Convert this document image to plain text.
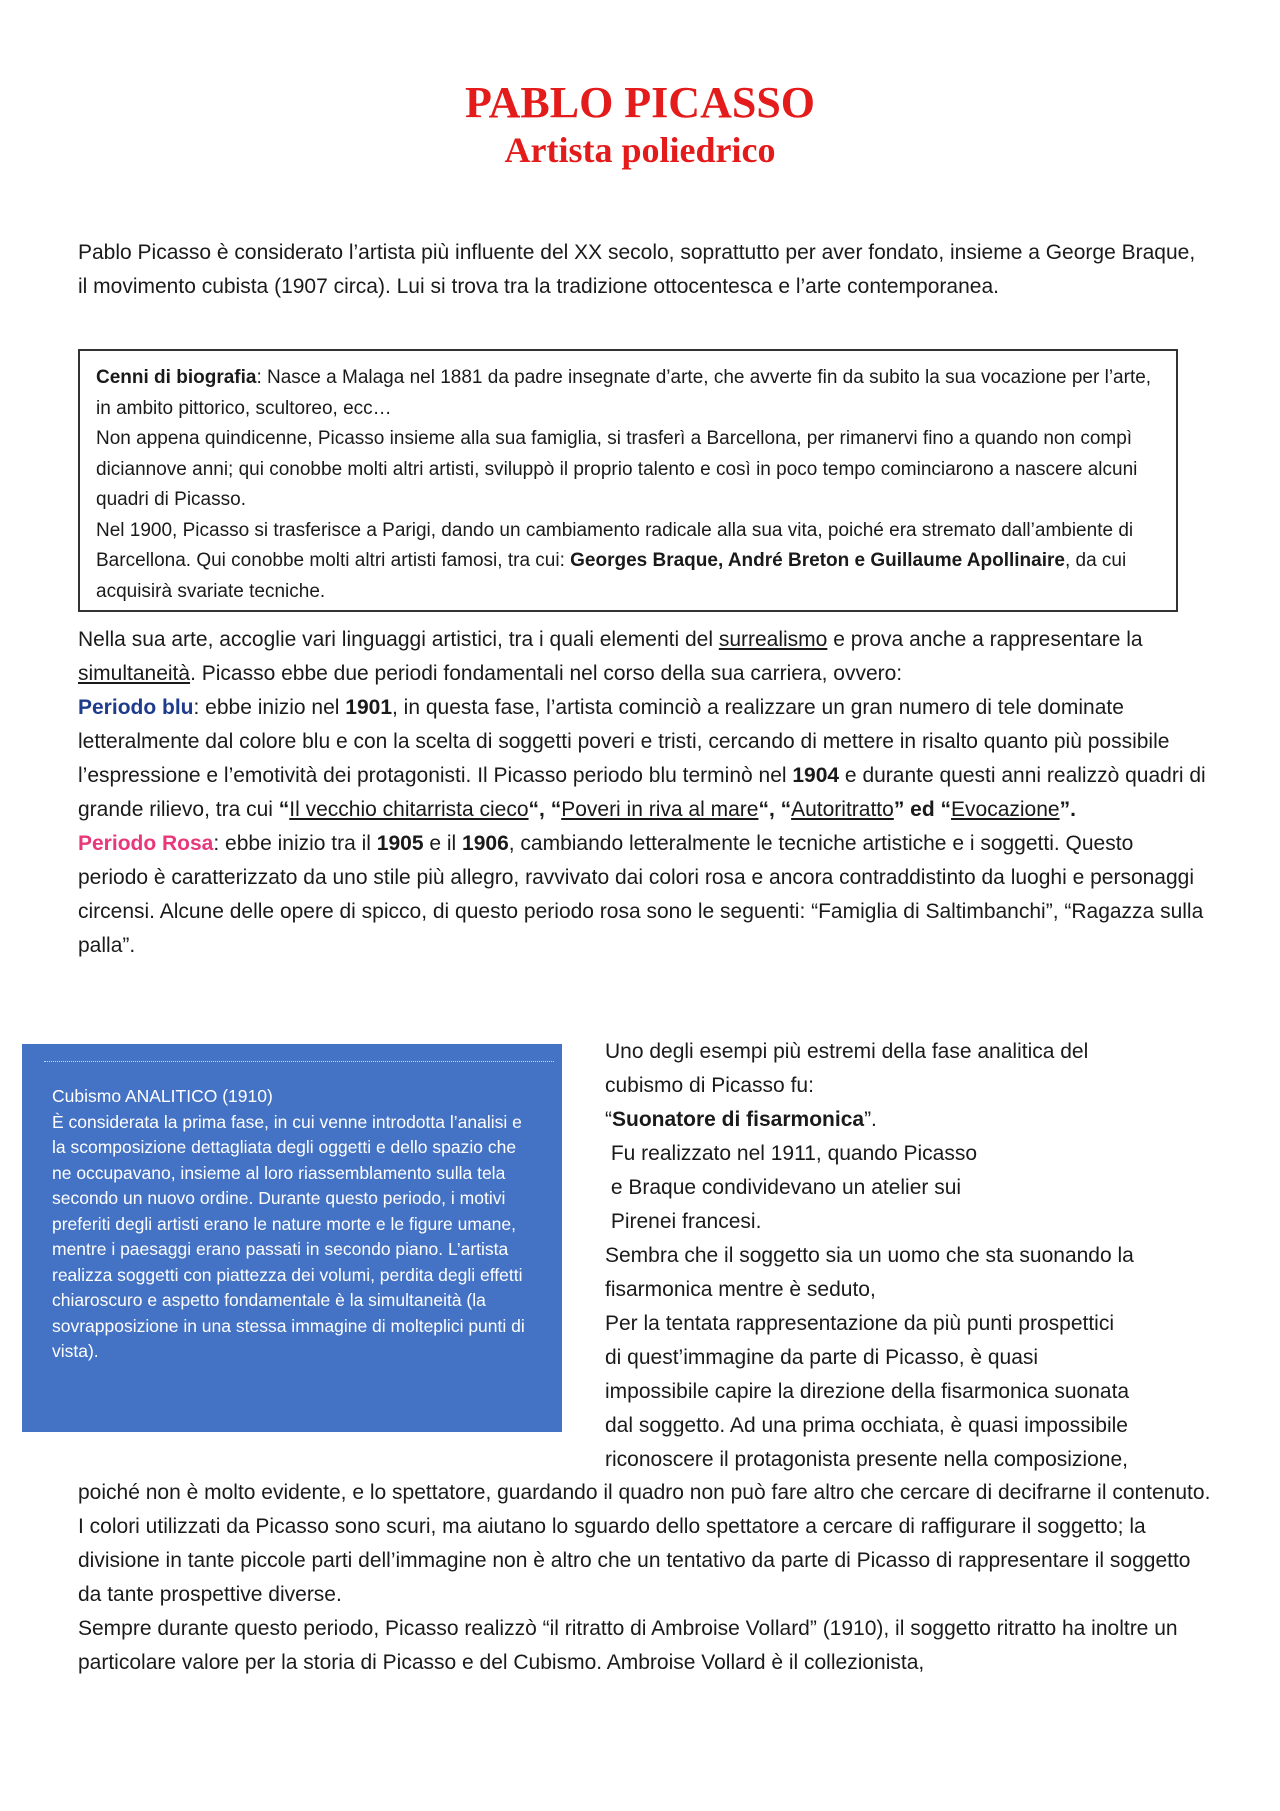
PABLO PICASSO
Artista poliedrico
Pablo Picasso è considerato l’artista più influente del XX secolo, soprattutto per aver fondato, insieme a George Braque, il movimento cubista (1907 circa). Lui si trova tra la tradizione ottocentesca e l’arte contemporanea.
Cenni di biografia: Nasce a Malaga nel 1881 da padre insegnate d’arte, che avverte fin da subito la sua vocazione per l’arte, in ambito pittorico, scultoreo, ecc…
Non appena quindicenne, Picasso insieme alla sua famiglia, si trasferì a Barcellona, per rimanervi fino a quando non compì diciannove anni; qui conobbe molti altri artisti, sviluppò il proprio talento e così in poco tempo cominciarono a nascere alcuni quadri di Picasso.
Nel 1900, Picasso si trasferisce a Parigi, dando un cambiamento radicale alla sua vita, poiché era stremato dall’ambiente di Barcellona. Qui conobbe molti altri artisti famosi, tra cui: Georges Braque, André Breton e Guillaume Apollinaire, da cui acquisirà svariate tecniche.
Nella sua arte, accoglie vari linguaggi artistici, tra i quali elementi del surrealismo e prova anche a rappresentare la simultaneità. Picasso ebbe due periodi fondamentali nel corso della sua carriera, ovvero:
Periodo blu: ebbe inizio nel 1901, in questa fase, l’artista cominciò a realizzare un gran numero di tele dominate letteralmente dal colore blu e con la scelta di soggetti poveri e tristi, cercando di mettere in risalto quanto più possibile l’espressione e l’emotività dei protagonisti. Il Picasso periodo blu terminò nel 1904 e durante questi anni realizzò quadri di grande rilievo, tra cui “Il vecchio chitarrista cieco“, “Poveri in riva al mare“, “Autoritratto” ed “Evocazione”.
Periodo Rosa: ebbe inizio tra il 1905 e il 1906, cambiando letteralmente le tecniche artistiche e i soggetti. Questo periodo è caratterizzato da uno stile più allegro, ravvivato dai colori rosa e ancora contraddistinto da luoghi e personaggi circensi. Alcune delle opere di spicco, di questo periodo rosa sono le seguenti: “Famiglia di Saltimbanchi”, “Ragazza sulla palla”.
Cubismo ANALITICO (1910)
È considerata la prima fase, in cui venne introdotta l’analisi e la scomposizione dettagliata degli oggetti e dello spazio che ne occupavano, insieme al loro riassemblamento sulla tela secondo un nuovo ordine. Durante questo periodo, i motivi preferiti degli artisti erano le nature morte e le figure umane, mentre i paesaggi erano passati in secondo piano. L’artista realizza soggetti con piattezza dei volumi, perdita degli effetti chiaroscuro e aspetto fondamentale è la simultaneità (la sovrapposizione in una stessa immagine di molteplici punti di vista).
Uno degli esempi più estremi della fase analitica del
cubismo di Picasso fu:
“Suonatore di fisarmonica”.
Fu realizzato nel 1911, quando Picasso
e Braque condividevano un atelier sui
Pirenei francesi.
Sembra che il soggetto sia un uomo che sta suonando la
fisarmonica mentre è seduto,
Per la tentata rappresentazione da più punti prospettici
di quest’immagine da parte di Picasso, è quasi
impossibile capire la direzione della fisarmonica suonata
dal soggetto. Ad una prima occhiata, è quasi impossibile
riconoscere il protagonista presente nella composizione,
poiché non è molto evidente, e lo spettatore, guardando il quadro non può fare altro che cercare di decifrarne il contenuto. I colori utilizzati da Picasso sono scuri, ma aiutano lo sguardo dello spettatore a cercare di raffigurare il soggetto; la divisione in tante piccole parti dell’immagine non è altro che un tentativo da parte di Picasso di rappresentare il soggetto da tante prospettive diverse.
Sempre durante questo periodo, Picasso realizzò “il ritratto di Ambroise Vollard” (1910), il soggetto ritratto ha inoltre un particolare valore per la storia di Picasso e del Cubismo. Ambroise Vollard è il collezionista,
